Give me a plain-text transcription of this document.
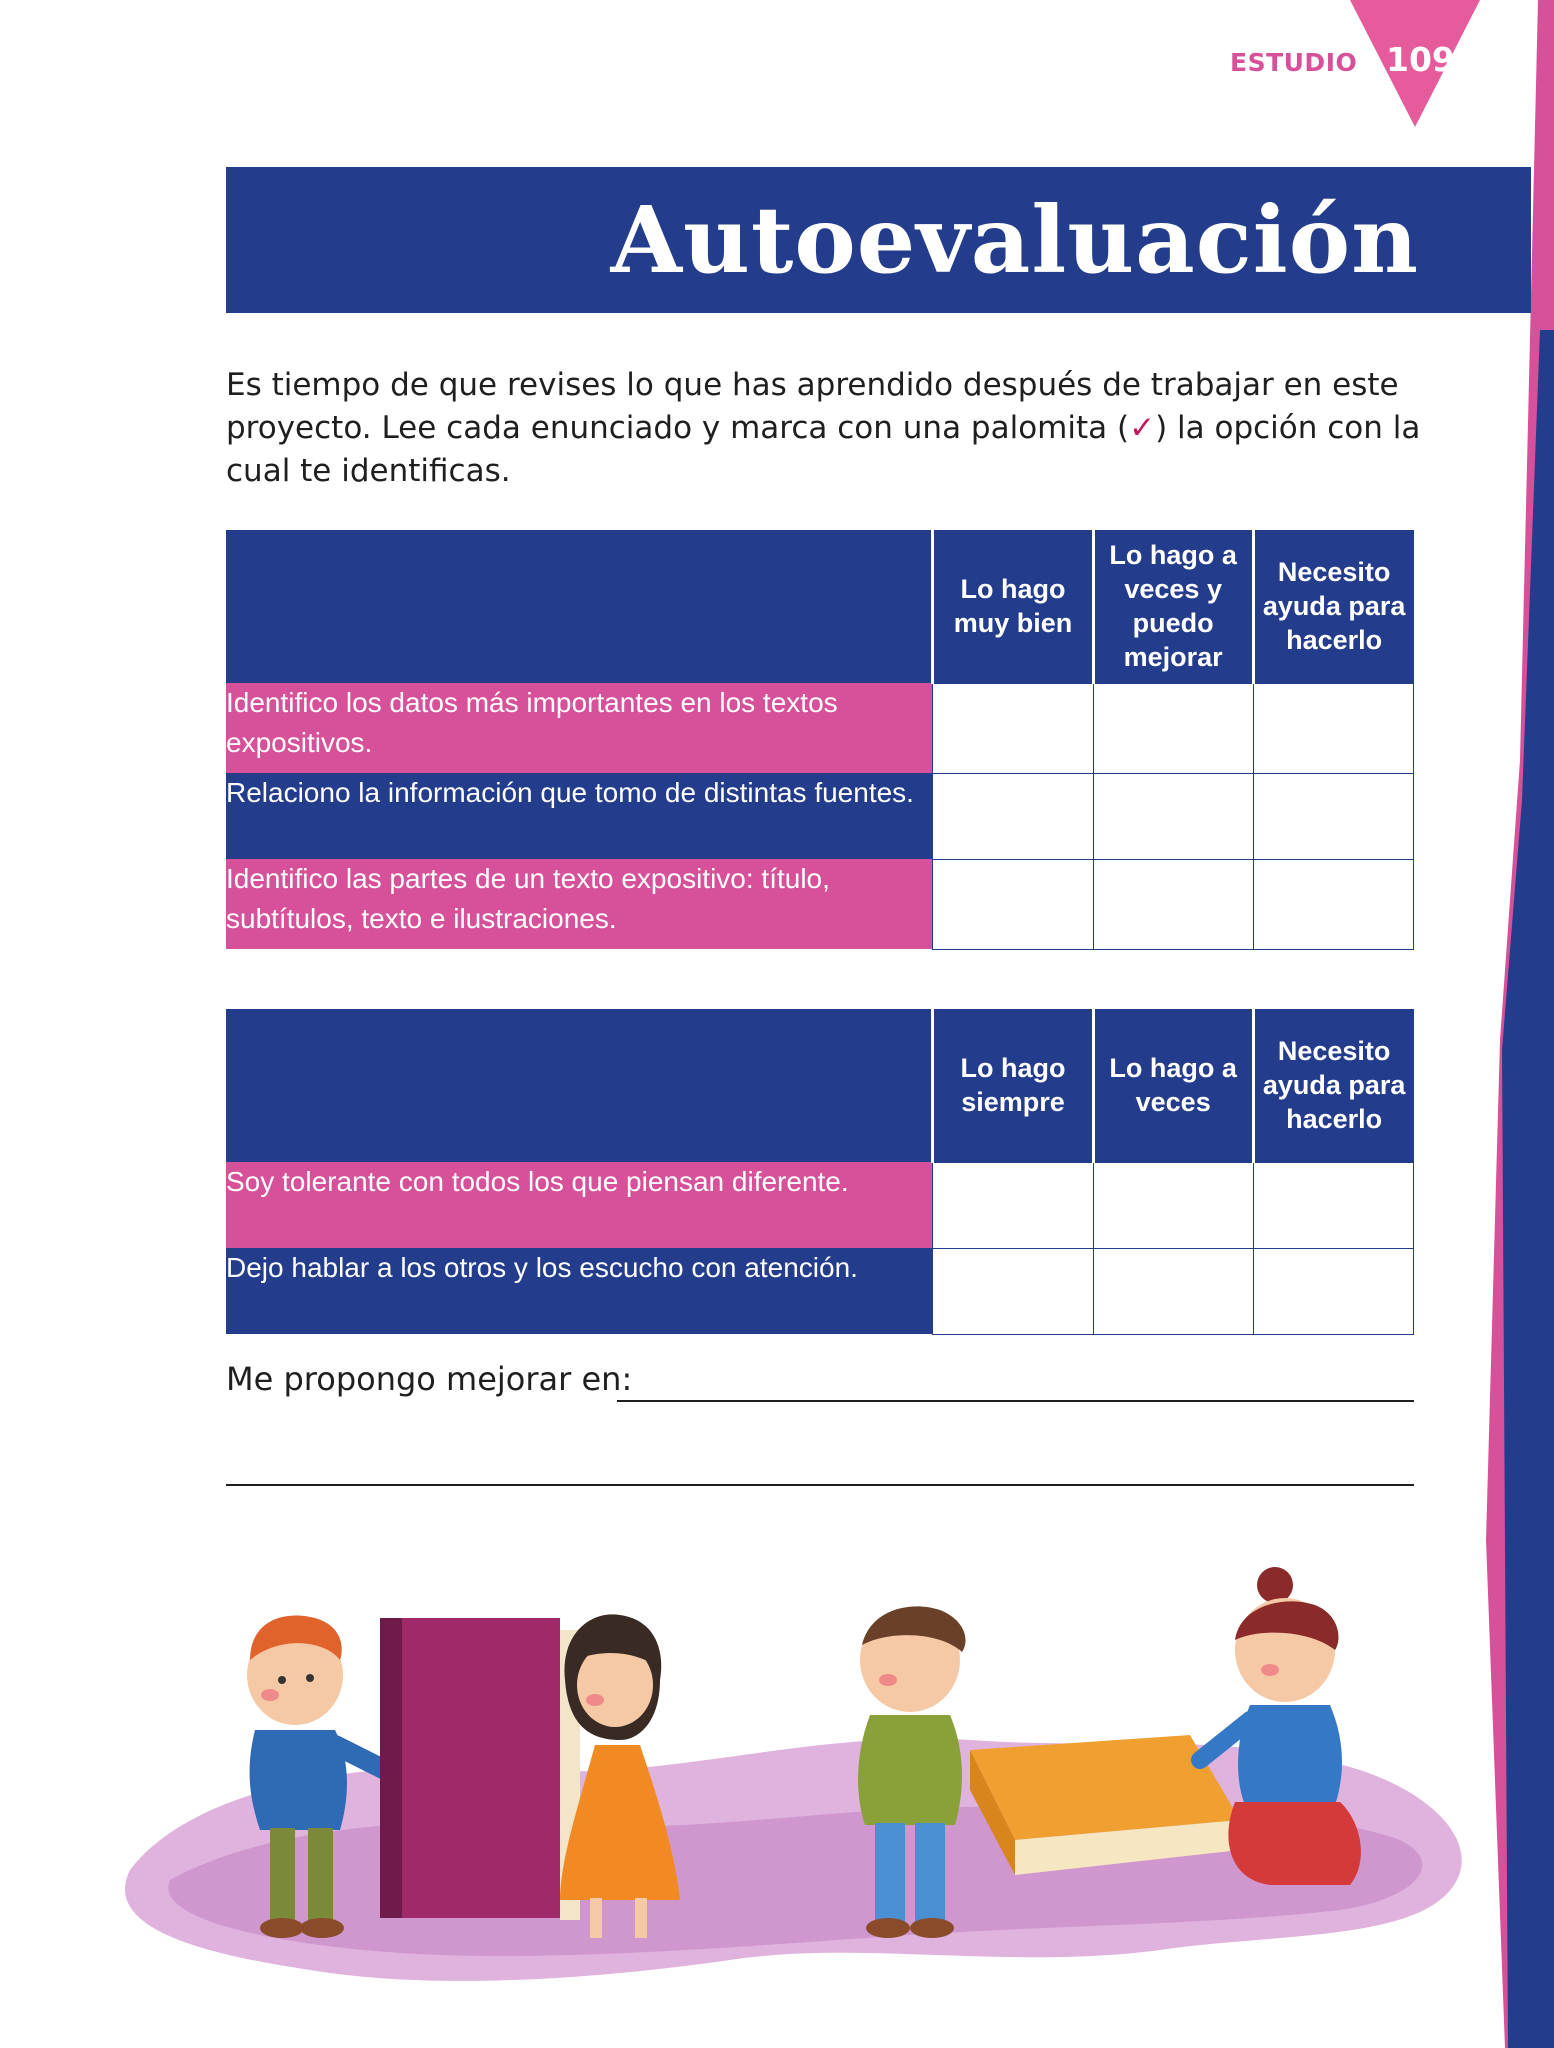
ESTUDIO 109
Autoevaluación
Es tiempo de que revises lo que has aprendido después de trabajar en este proyecto. Lee cada enunciado y marca con una palomita (✓) la opción con la cual te identificas.
	Lo hago muy bien	Lo hago a veces y puedo mejorar	Necesito ayuda para hacerlo
Identifico los datos más importantes en los textos expositivos.			
Relaciono la información que tomo de distintas fuentes.			
Identifico las partes de un texto expositivo: título, subtítulos, texto e ilustraciones.			
	Lo hago siempre	Lo hago a veces	Necesito ayuda para hacerlo
Soy tolerante con todos los que piensan diferente.			
Dejo hablar a los otros y los escucho con atención.			
Me propongo mejorar en:
